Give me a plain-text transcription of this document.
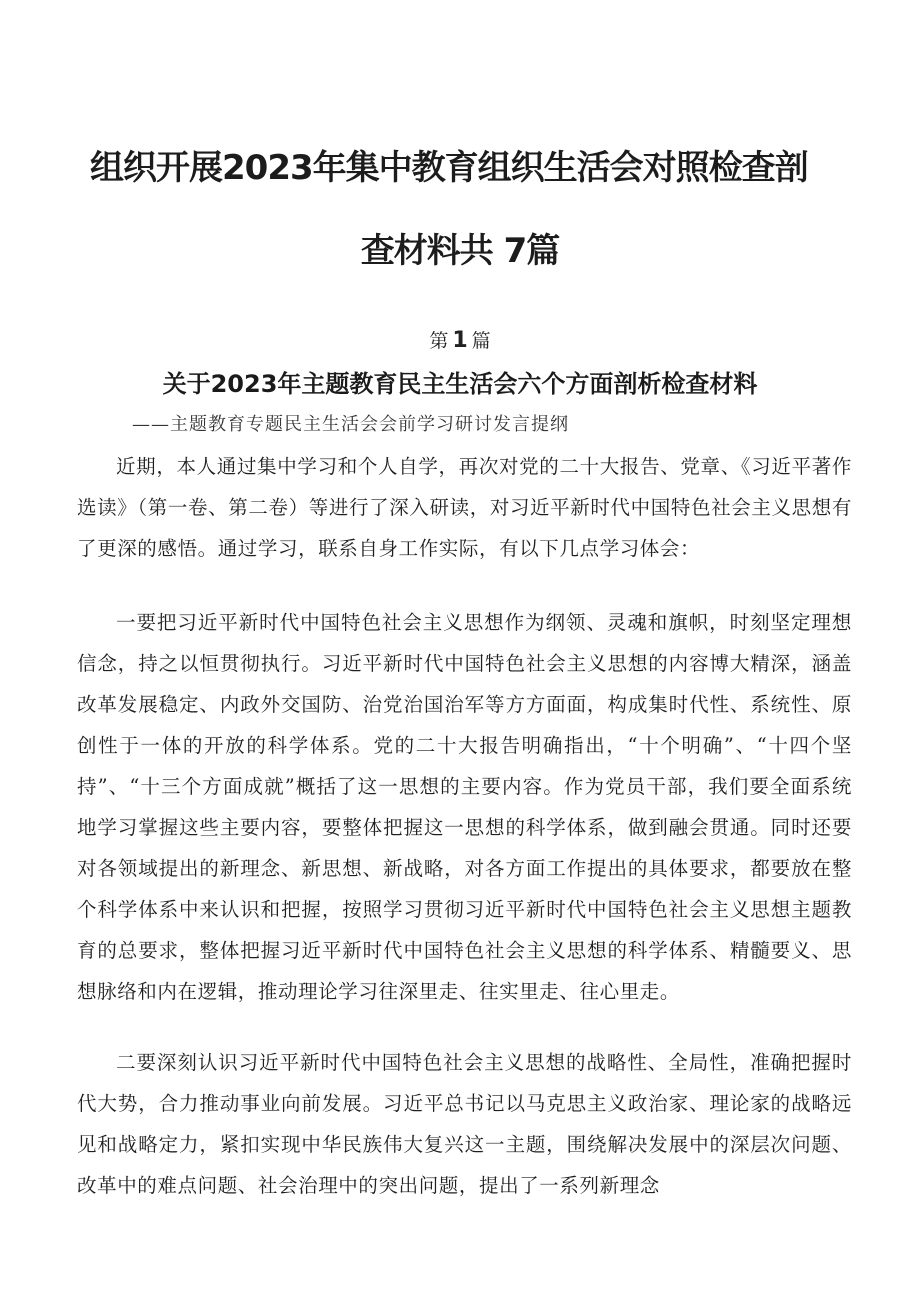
组织开展2023年集中教育组织生活会对照检查剖
查材料共 7篇
第 1 篇
关于2023年主题教育民主生活会六个方面剖析检查材料
——主题教育专题民主生活会会前学习研讨发言提纲

近期，本人通过集中学习和个人自学，再次对党的二十大报告、党章、《习近平著作选读》（第一卷、第二卷）等进行了深入研读，对习近平新时代中国特色社会主义思想有了更深的感悟。通过学习，联系自身工作实际，有以下几点学习体会：

一要把习近平新时代中国特色社会主义思想作为纲领、灵魂和旗帜，时刻坚定理想信念，持之以恒贯彻执行。习近平新时代中国特色社会主义思想的内容博大精深，涵盖改革发展稳定、内政外交国防、治党治国治军等方方面面，构成集时代性、系统性、原创性于一体的开放的科学体系。党的二十大报告明确指出，“十个明确”、“十四个坚持”、“十三个方面成就”概括了这一思想的主要内容。作为党员干部，我们要全面系统地学习掌握这些主要内容，要整体把握这一思想的科学体系，做到融会贯通。同时还要对各领域提出的新理念、新思想、新战略，对各方面工作提出的具体要求，都要放在整个科学体系中来认识和把握，按照学习贯彻习近平新时代中国特色社会主义思想主题教育的总要求，整体把握习近平新时代中国特色社会主义思想的科学体系、精髓要义、思想脉络和内在逻辑，推动理论学习往深里走、往实里走、往心里走。

二要深刻认识习近平新时代中国特色社会主义思想的战略性、全局性，准确把握时代大势，合力推动事业向前发展。习近平总书记以马克思主义政治家、理论家的战略远见和战略定力，紧扣实现中华民族伟大复兴这一主题，围绕解决发展中的深层次问题、改革中的难点问题、社会治理中的突出问题，提出了一系列新理念
